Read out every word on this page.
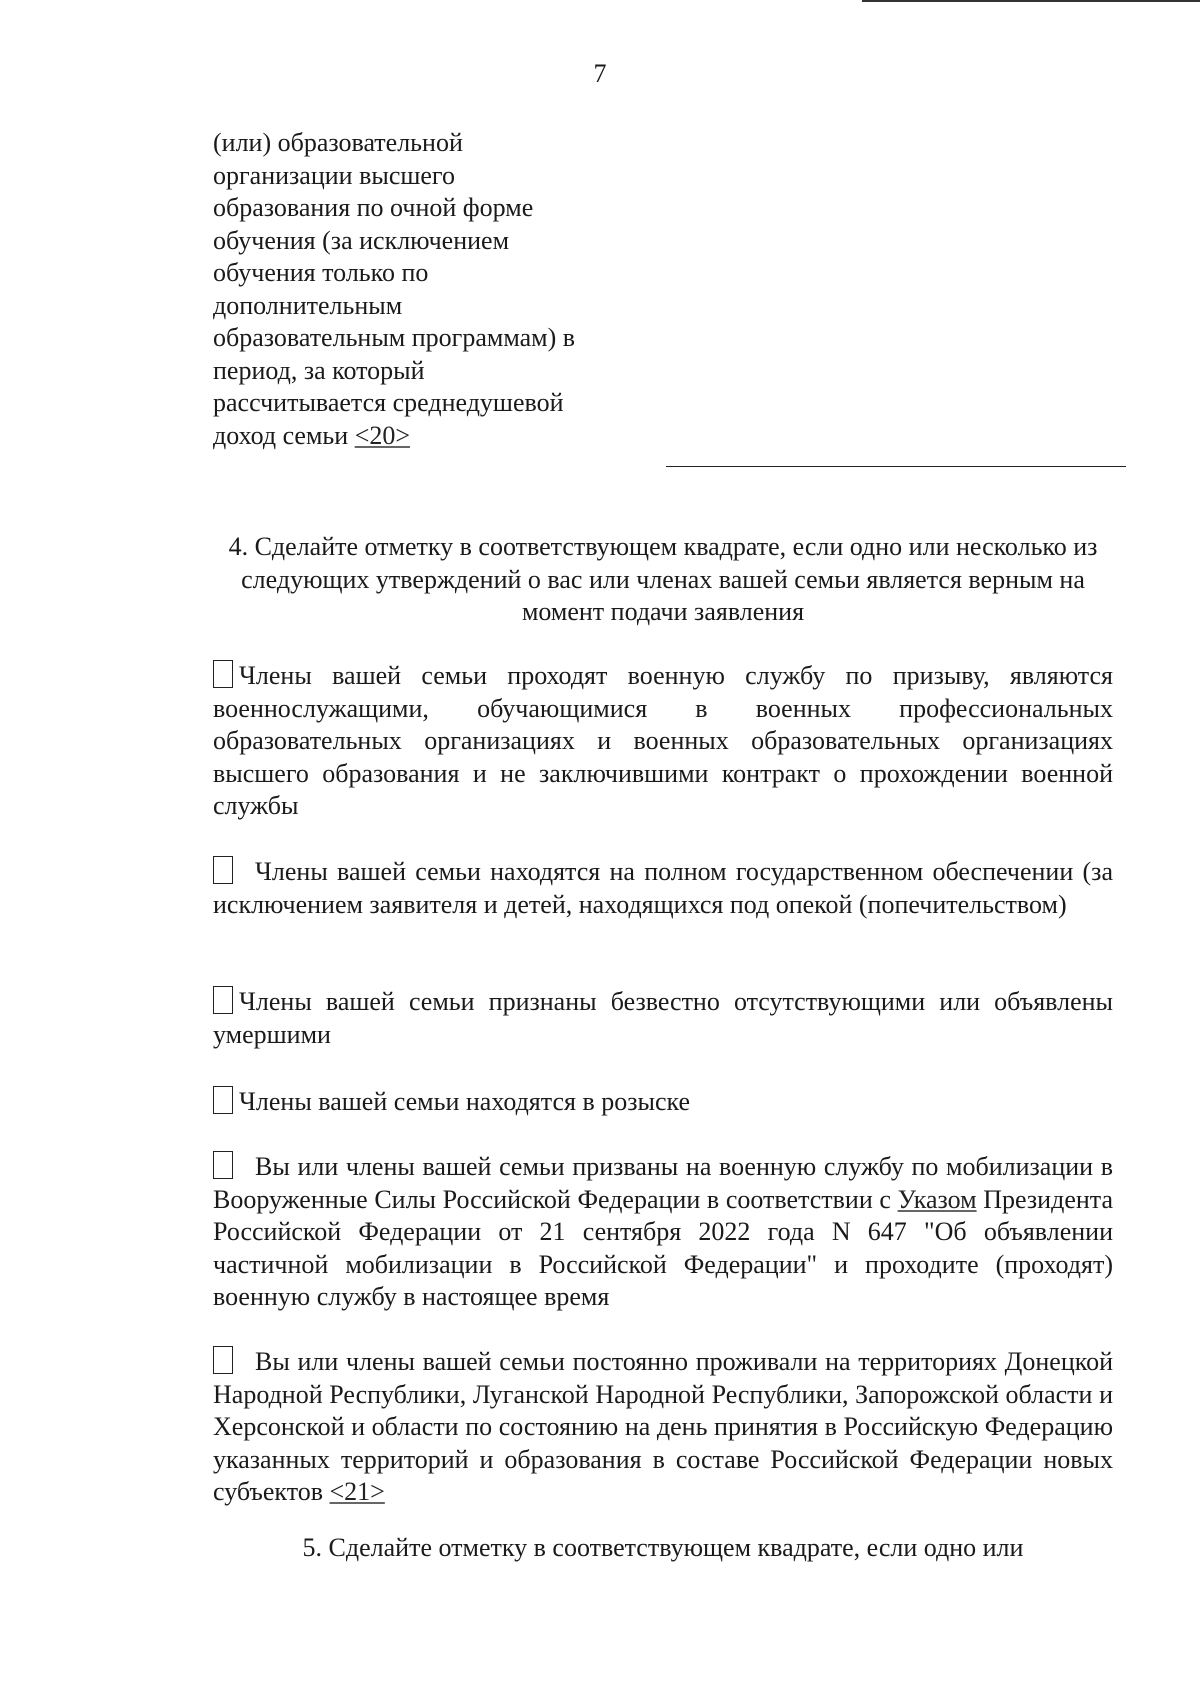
7
(или) образовательной
организации высшего
образования по очной форме
обучения (за исключением
обучения только по
дополнительным
образовательным программам) в
период, за который
рассчитывается среднедушевой
доход семьи <20>
4. Сделайте отметку в соответствующем квадрате, если одно или несколько из следующих утверждений о вас или членах вашей семьи является верным на момент подачи заявления
Члены вашей семьи проходят военную службу по призыву, являются военнослужащими, обучающимися в военных профессиональных образовательных организациях и военных образовательных организациях высшего образования и не заключившими контракт о прохождении военной службы
Члены вашей семьи находятся на полном государственном обеспечении (за исключением заявителя и детей, находящихся под опекой (попечительством)
Члены вашей семьи признаны безвестно отсутствующими или объявлены умершими
Члены вашей семьи находятся в розыске
Вы или члены вашей семьи призваны на военную службу по мобилизации в Вооруженные Силы Российской Федерации в соответствии с Указом Президента Российской Федерации от 21 сентября 2022 года N 647 "Об объявлении частичной мобилизации в Российской Федерации" и проходите (проходят) военную службу в настоящее время
Вы или члены вашей семьи постоянно проживали на территориях Донецкой Народной Республики, Луганской Народной Республики, Запорожской области и Херсонской и области по состоянию на день принятия в Российскую Федерацию указанных территорий и образования в составе Российской Федерации новых субъектов <21>
5. Сделайте отметку в соответствующем квадрате, если одно или
